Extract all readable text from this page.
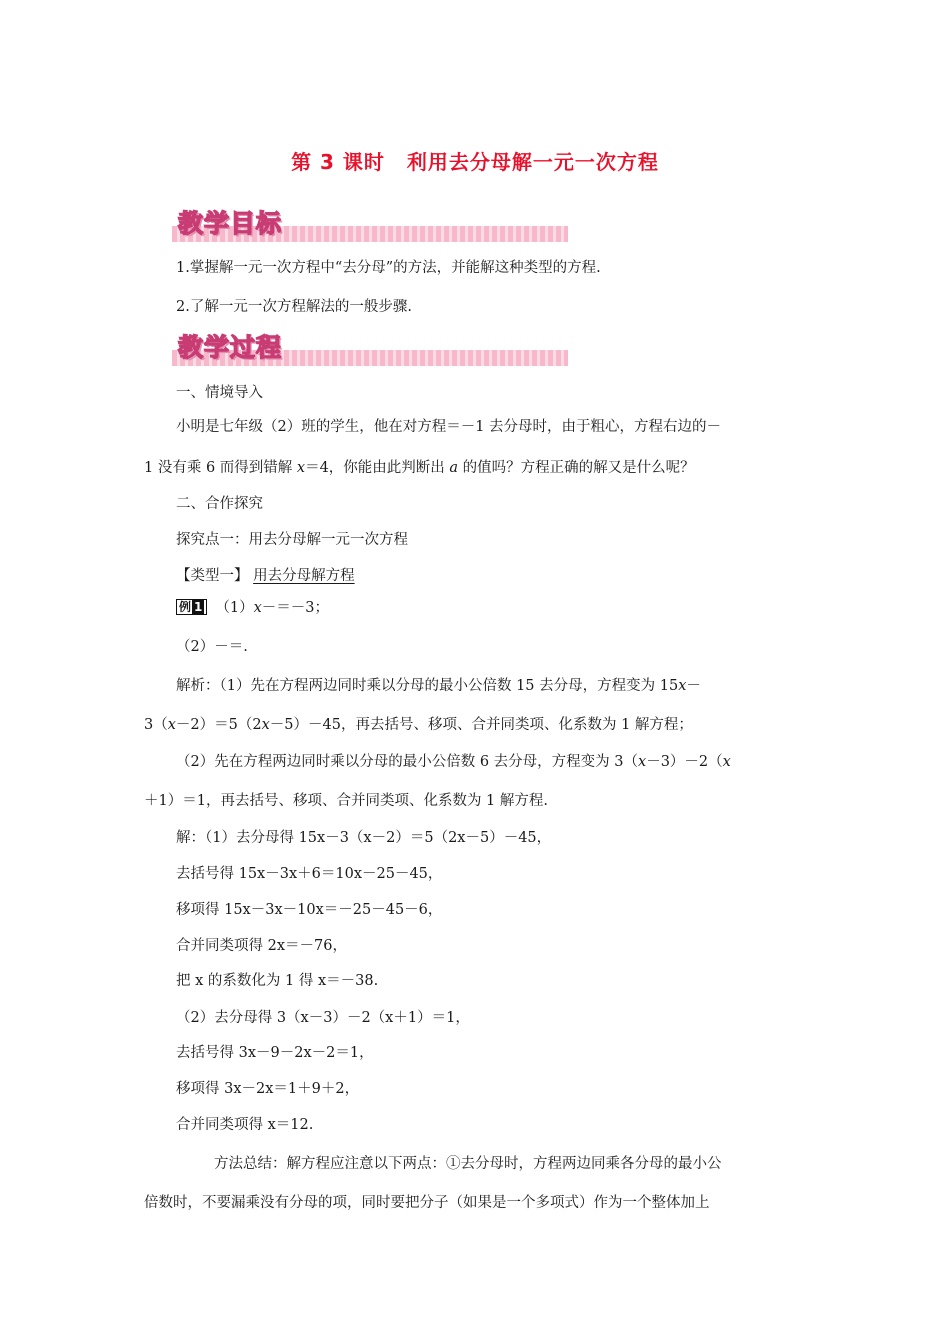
第 3 课时 利用去分母解一元一次方程
教学目标
1.掌握解一元一次方程中“去分母”的方法，并能解这种类型的方程.
2.了解一元一次方程解法的一般步骤.
教学过程
一、情境导入
小明是七年级（2）班的学生，他在对方程＝－1 去分母时，由于粗心，方程右边的－
1 没有乘 6 而得到错解 x＝4，你能由此判断出 a 的值吗？方程正确的解又是什么呢？
二、合作探究
探究点一：用去分母解一元一次方程
【类型一】 用去分母解方程
例 1 （1）x－＝－3；
（2）－＝.
解析：（1）先在方程两边同时乘以分母的最小公倍数 15 去分母，方程变为 15x－
3（x－2）＝5（2x－5）－45，再去括号、移项、合并同类项、化系数为 1 解方程；
（2）先在方程两边同时乘以分母的最小公倍数 6 去分母，方程变为 3（x－3）－2（x
＋1）＝1，再去括号、移项、合并同类项、化系数为 1 解方程.
解：（1）去分母得 15x－3（x－2）＝5（2x－5）－45，
去括号得 15x－3x＋6＝10x－25－45，
移项得 15x－3x－10x＝－25－45－6，
合并同类项得 2x＝－76，
把 x 的系数化为 1 得 x＝－38.
（2）去分母得 3（x－3）－2（x＋1）＝1，
去括号得 3x－9－2x－2＝1，
移项得 3x－2x＝1＋9＋2，
合并同类项得 x＝12.
方法总结：解方程应注意以下两点：①去分母时，方程两边同乘各分母的最小公
倍数时，不要漏乘没有分母的项，同时要把分子（如果是一个多项式）作为一个整体加上
